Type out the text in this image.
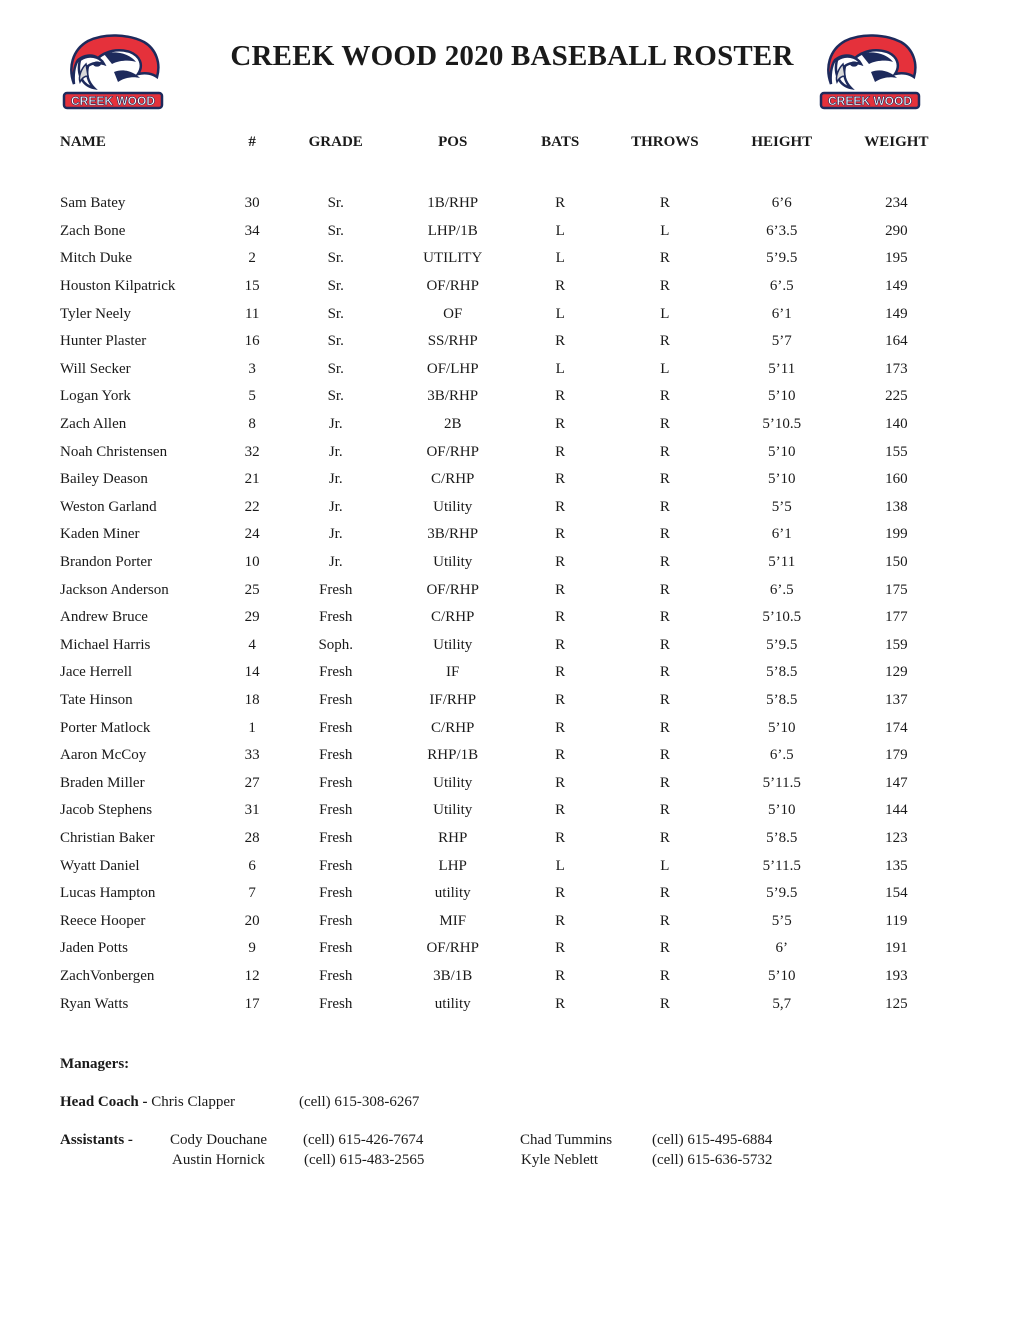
CREEK WOOD
CREEK WOOD 2020 BASEBALL ROSTER
CREEK WOOD
NAME	#	GRADE	POS	BATS	THROWS	HEIGHT	WEIGHT

Sam Batey	30	Sr.	1B/RHP	R	R	6’6	234
Zach Bone	34	Sr.	LHP/1B	L	L	6’3.5	290
Mitch Duke	2	Sr.	UTILITY	L	R	5’9.5	195
Houston Kilpatrick	15	Sr.	OF/RHP	R	R	6’.5	149
Tyler Neely	11	Sr.	OF	L	L	6’1	149
Hunter Plaster	16	Sr.	SS/RHP	R	R	5’7	164
Will Secker	3	Sr.	OF/LHP	L	L	5’11	173
Logan York	5	Sr.	3B/RHP	R	R	5’10	225
Zach Allen	8	Jr.	2B	R	R	5’10.5	140
Noah Christensen	32	Jr.	OF/RHP	R	R	5’10	155
Bailey Deason	21	Jr.	C/RHP	R	R	5’10	160
Weston Garland	22	Jr.	Utility	R	R	5’5	138
Kaden Miner	24	Jr.	3B/RHP	R	R	6’1	199
Brandon Porter	10	Jr.	Utility	R	R	5’11	150
Jackson Anderson	25	Fresh	OF/RHP	R	R	6’.5	175
Andrew Bruce	29	Fresh	C/RHP	R	R	5’10.5	177
Michael Harris	4	Soph.	Utility	R	R	5’9.5	159
Jace Herrell	14	Fresh	IF	R	R	5’8.5	129
Tate Hinson	18	Fresh	IF/RHP	R	R	5’8.5	137
Porter Matlock	1	Fresh	C/RHP	R	R	5’10	174
Aaron McCoy	33	Fresh	RHP/1B	R	R	6’.5	179
Braden Miller	27	Fresh	Utility	R	R	5’11.5	147
Jacob Stephens	31	Fresh	Utility	R	R	5’10	144
Christian Baker	28	Fresh	RHP	R	R	5’8.5	123
Wyatt Daniel	6	Fresh	LHP	L	L	5’11.5	135
Lucas Hampton	7	Fresh	utility	R	R	5’9.5	154
Reece Hooper	20	Fresh	MIF	R	R	5’5	119
Jaden Potts	9	Fresh	OF/RHP	R	R	6’	191
ZachVonbergen	12	Fresh	3B/1B	R	R	5’10	193
Ryan Watts	17	Fresh	utility	R	R	5,7	125
Managers:
Head Coach - Chris Clapper	(cell) 615-308-6267
Assistants - Cody Douchane (cell) 615-426-7674	Chad Tummins	(cell) 615-495-6884
Austin Hornick	(cell) 615-483-2565	Kyle Neblett	(cell) 615-636-5732
